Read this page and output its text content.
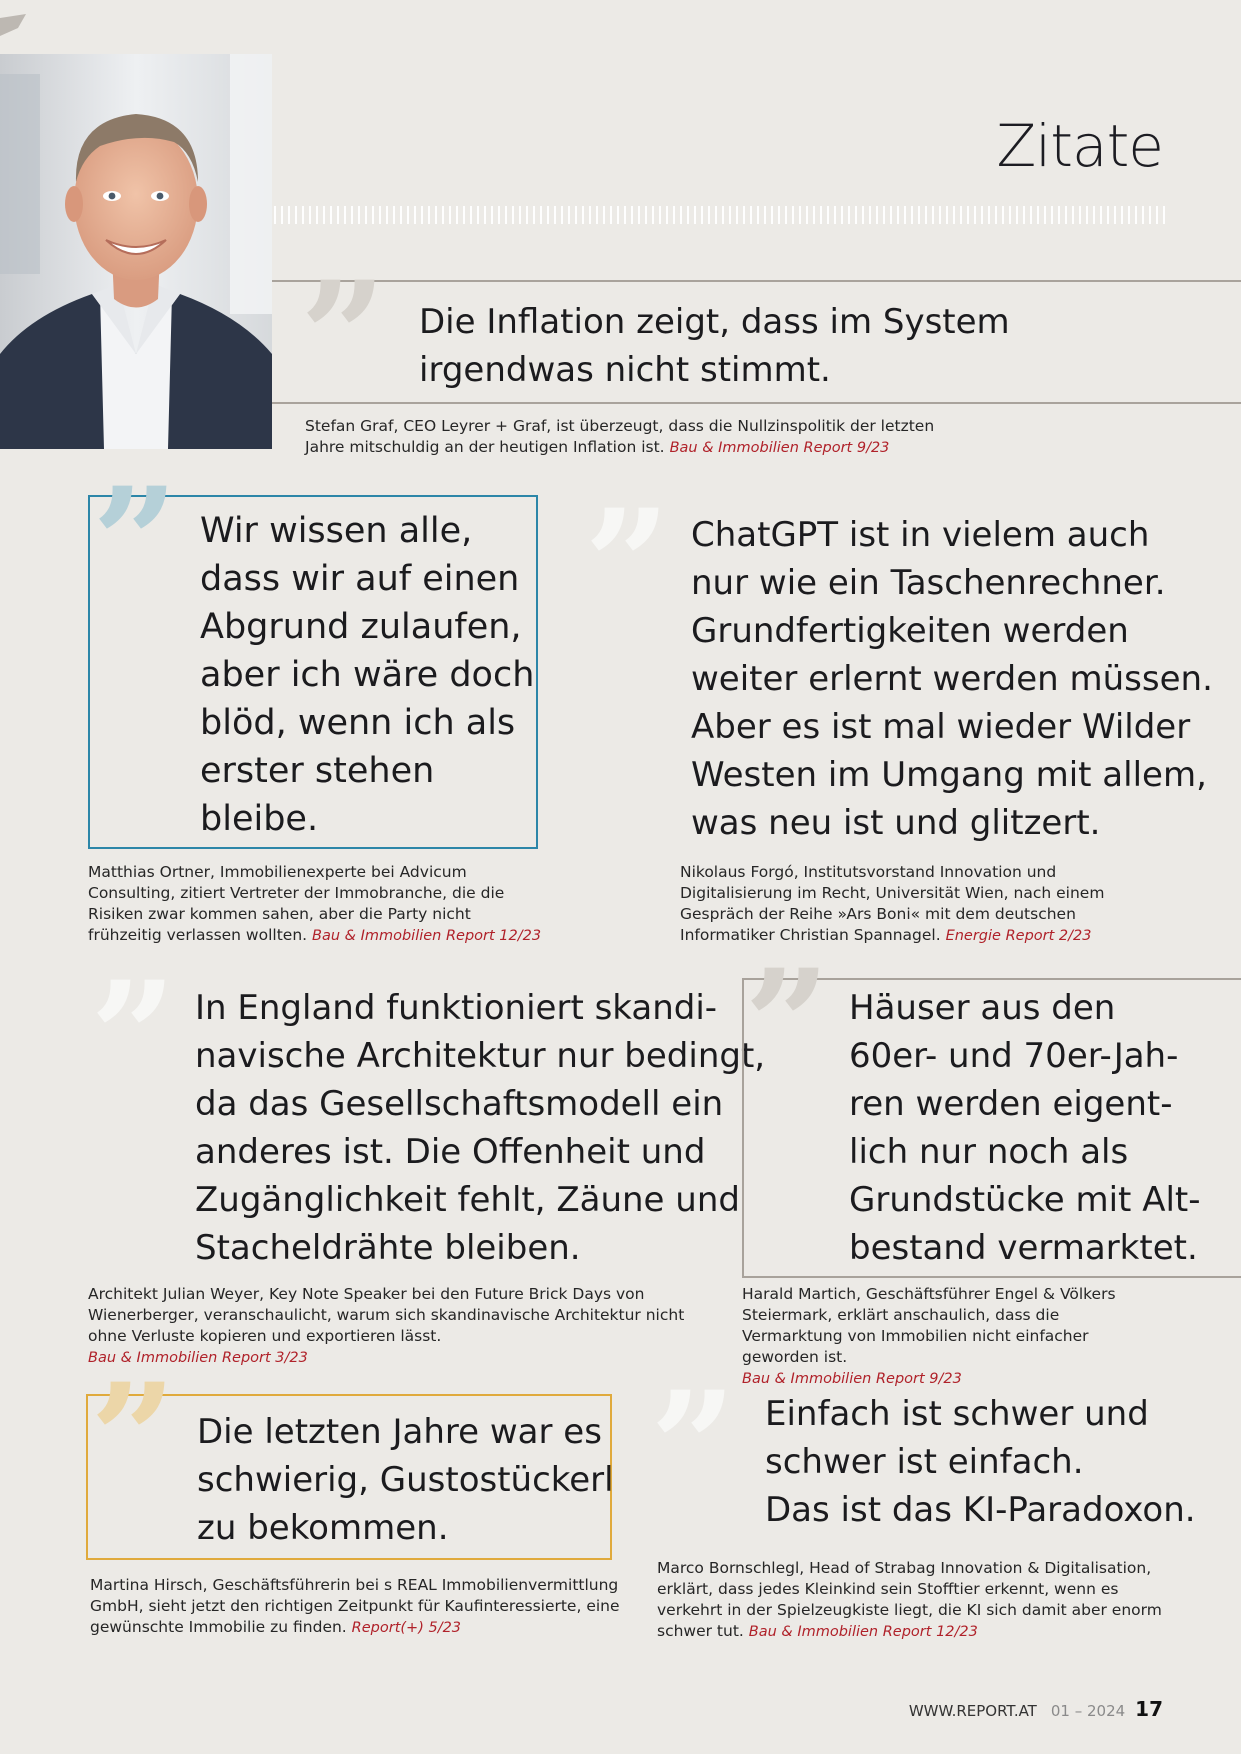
Zitate
” Die Inflation zeigt, dass im System
irgendwas nicht stimmt.
Stefan Graf, CEO Leyrer + Graf, ist überzeugt, dass die Nullzinspolitik der letzten Jahre mitschuldig an der heutigen Inflation ist. Bau & Immobilien Report 9/23
” Wir wissen alle,
dass wir auf einen
Abgrund zulaufen,
aber ich wäre doch
blöd, wenn ich als
erster stehen
bleibe.
Matthias Ortner, Immobilienexperte bei Advicum Consulting, zitiert Vertreter der Immobranche, die die Risiken zwar kommen sahen, aber die Party nicht frühzeitig verlassen wollten. Bau & Immobilien Report 12/23
” ChatGPT ist in vielem auch
nur wie ein Taschenrechner.
Grundfertigkeiten werden
weiter erlernt werden müssen.
Aber es ist mal wieder Wilder
Westen im Umgang mit allem,
was neu ist und glitzert.
Nikolaus Forgó, Institutsvorstand Innovation und Digitalisierung im Recht, Universität Wien, nach einem Gespräch der Reihe »Ars Boni« mit dem deutschen Informatiker Christian Spannagel. Energie Report 2/23
” In England funktioniert skandi-
navische Architektur nur bedingt,
da das Gesellschaftsmodell ein
anderes ist. Die Offenheit und
Zugänglichkeit fehlt, Zäune und
Stacheldrähte bleiben.
Architekt Julian Weyer, Key Note Speaker bei den Future Brick Days von Wienerberger, veranschaulicht, warum sich skandinavische Architektur nicht ohne Verluste kopieren und exportieren lässt.
Bau & Immobilien Report 3/23
” Häuser aus den
60er- und 70er-Jah-
ren werden eigent-
lich nur noch als
Grundstücke mit Alt-
bestand vermarktet.
Harald Martich, Geschäftsführer Engel & Völkers Steiermark, erklärt anschaulich, dass die Vermarktung von Immobilien nicht einfacher geworden ist.
Bau & Immobilien Report 9/23
” Die letzten Jahre war es
schwierig, Gustostückerl
zu bekommen.
Martina Hirsch, Geschäftsführerin bei s REAL Immobilienvermittlung GmbH, sieht jetzt den richtigen Zeitpunkt für Kaufinteressierte, eine gewünschte Immobilie zu finden. Report(+) 5/23
” Einfach ist schwer und
schwer ist einfach.
Das ist das KI-Paradoxon.
Marco Bornschlegl, Head of Strabag Innovation & Digitalisation, erklärt, dass jedes Kleinkind sein Stofftier erkennt, wenn es verkehrt in der Spielzeugkiste liegt, die KI sich damit aber enorm schwer tut. Bau & Immobilien Report 12/23
WWW.REPORT.AT 01 – 2024 17
